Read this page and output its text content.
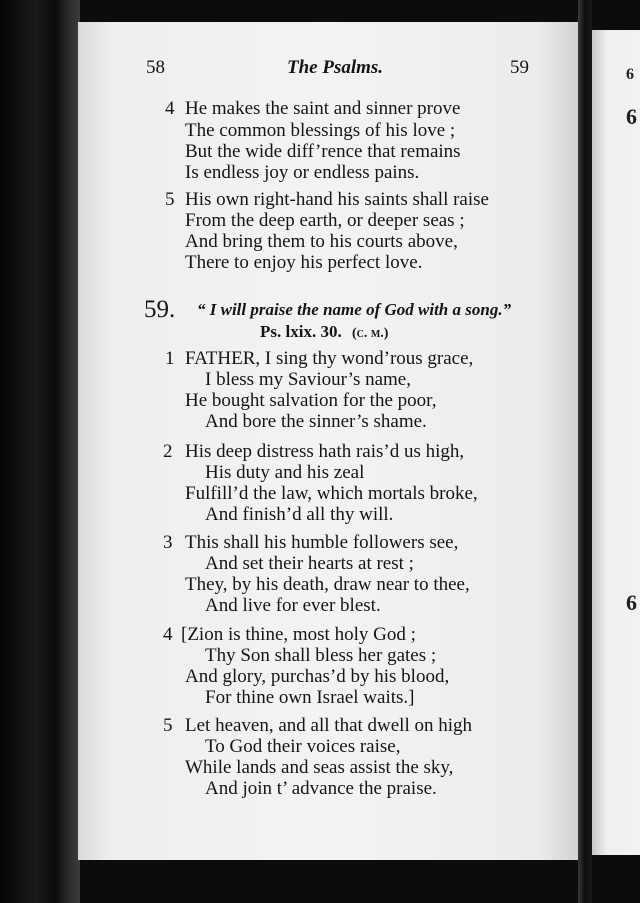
6
6
6
58	The Psalms.	59
4 He makes the saint and sinner prove
The common blessings of his love ;
But the wide diff’rence that remains
Is endless joy or endless pains.
5 His own right-hand his saints shall raise
From the deep earth, or deeper seas ;
And bring them to his courts above,
There to enjoy his perfect love.
59. “ I will praise the name of God with a song.”
Ps. lxix. 30. (c. m.)
1 FATHER, I sing thy wond’rous grace,
I bless my Saviour’s name,
He bought salvation for the poor,
And bore the sinner’s shame.
2 His deep distress hath rais’d us high,
His duty and his zeal
Fulfill’d the law, which mortals broke,
And finish’d all thy will.
3 This shall his humble followers see,
And set their hearts at rest ;
They, by his death, draw near to thee,
And live for ever blest.
4 [Zion is thine, most holy God ;
Thy Son shall bless her gates ;
And glory, purchas’d by his blood,
For thine own Israel waits.]
5 Let heaven, and all that dwell on high
To God their voices raise,
While lands and seas assist the sky,
And join t’ advance the praise.
